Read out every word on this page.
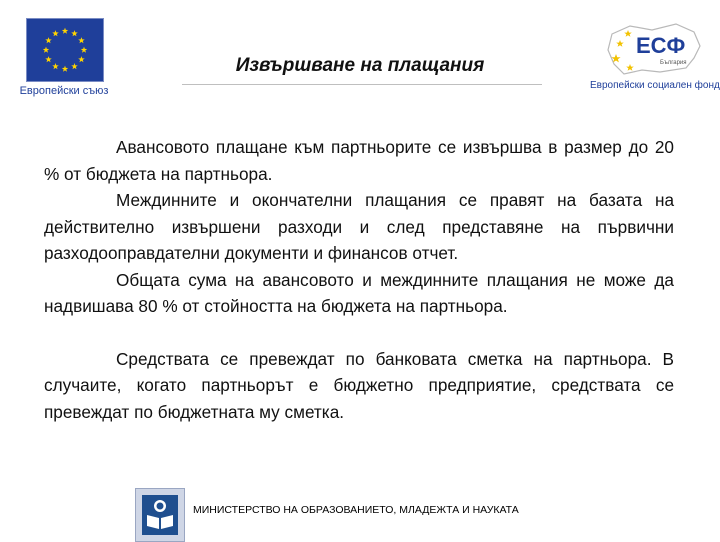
Европейски съюз
Извършване на плащания
ЕСФ
България
Европейски социален фонд

Авансовото плащане към партньорите се извършва в размер до 20 % от бюджета на партньора.

Междинните и окончателни плащания се правят на базата на действително извършени разходи и след представяне на първични разходооправдателни документи и финансов отчет.

Общата сума на авансовото и междинните плащания не може да надвишава 80 % от стойността на бюджета на партньора.

Средствата се превеждат по банковата сметка на партньора. В случаите, когато партньорът е бюджетно предприятие, средствата се превеждат по бюджетната му сметка.

МИНИСТЕРСТВО НА ОБРАЗОВАНИЕТО, МЛАДЕЖТА И НАУКАТА
